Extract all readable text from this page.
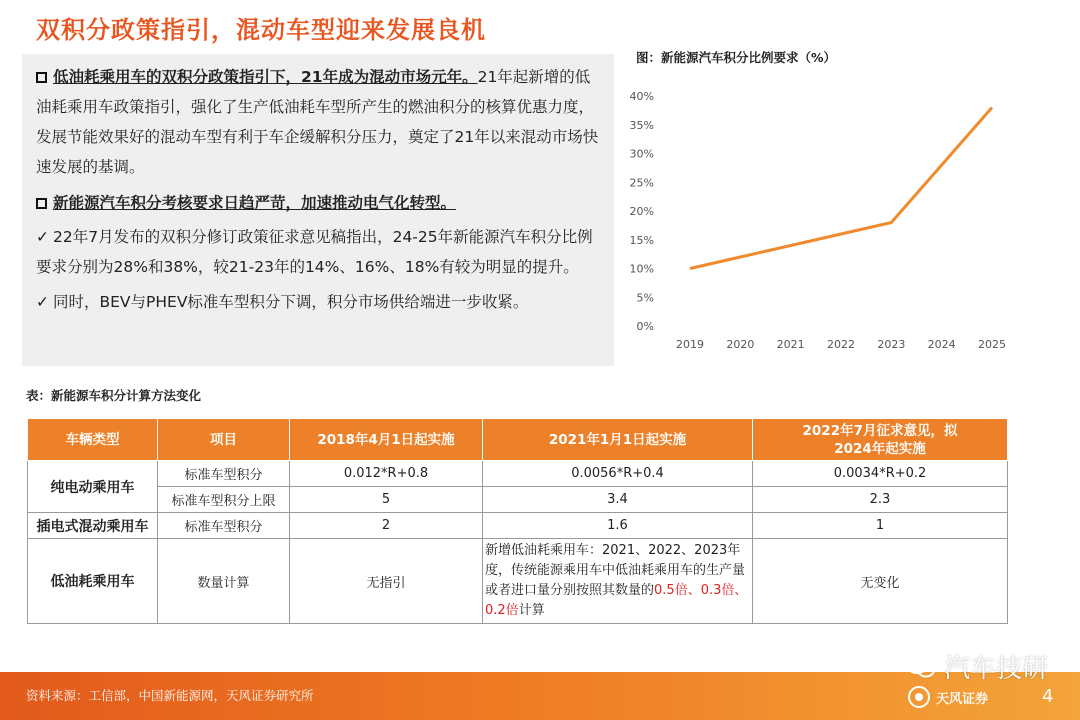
双积分政策指引，混动车型迎来发展良机
低油耗乘用车的双积分政策指引下，21年成为混动市场元年。21年起新增的低油耗乘用车政策指引，强化了生产低油耗车型所产生的燃油积分的核算优惠力度，发展节能效果好的混动车型有利于车企缓解积分压力，奠定了21年以来混动市场快速发展的基调。
新能源汽车积分考核要求日趋严苛，加速推动电气化转型。
✓ 22年7月发布的双积分修订政策征求意见稿指出，24-25年新能源汽车积分比例要求分别为28%和38%，较21-23年的14%、16%、18%有较为明显的提升。
✓ 同时，BEV与PHEV标准车型积分下调，积分市场供给端进一步收紧。
图：新能源汽车积分比例要求（%）
0%
5%
10%
15%
20%
25%
30%
35%
40%
2019 2020 2021 2022 2023 2024 2025
表：新能源车积分计算方法变化
车辆类型	项目	2018年4月1日起实施	2021年1月1日起实施	2022年7月征求意见，拟2024年起实施
纯电动乘用车	标准车型积分	0.012*R+0.8	0.0056*R+0.4	0.0034*R+0.2
	标准车型积分上限	5	3.4	2.3
插电式混动乘用车	标准车型积分	2	1.6	1
低油耗乘用车	数量计算	无指引	新增低油耗乘用车：2021、2022、2023年度，传统能源乘用车中低油耗乘用车的生产量或者进口量分别按照其数量的0.5倍、0.3倍、0.2倍计算	无变化
资料来源：工信部，中国新能源网，天风证券研究所
汽车技研
天风证券	4
